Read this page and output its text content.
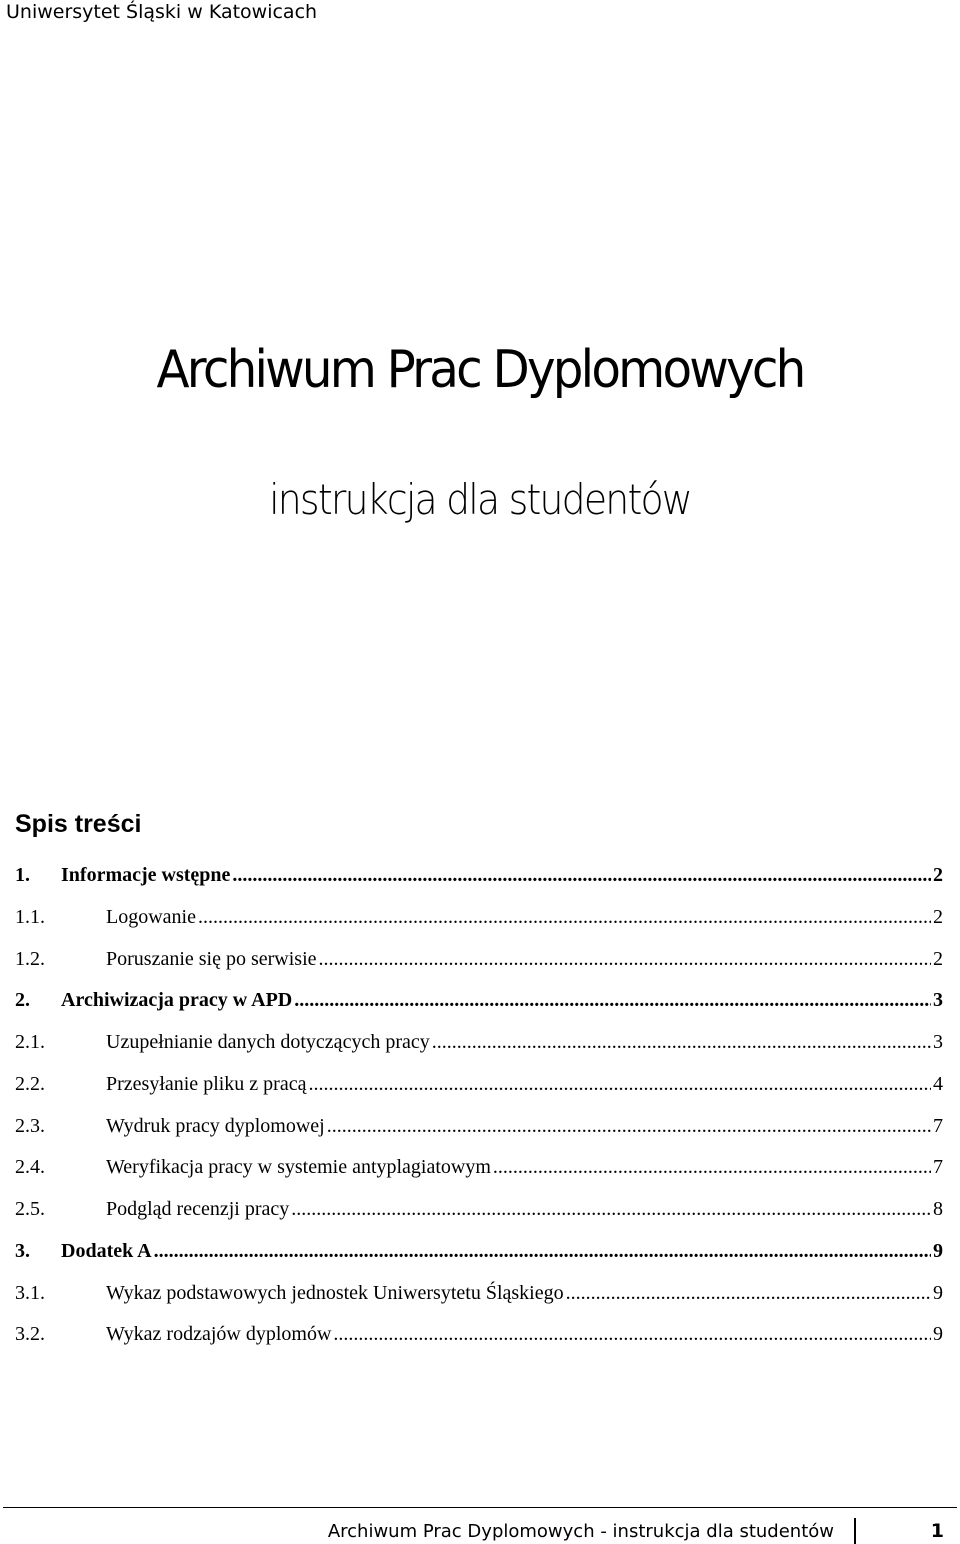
Uniwersytet Śląski w Katowicach
Archiwum Prac Dyplomowych
instrukcja dla studentów
Spis treści
1.	Informacje wstępne .....	2
1.1.	Logowanie .....	2
1.2.	Poruszanie się po serwisie .....	2
2.	Archiwizacja pracy w APD .....	3
2.1.	Uzupełnianie danych dotyczących pracy .....	3
2.2.	Przesyłanie pliku z pracą .....	4
2.3.	Wydruk pracy dyplomowej .....	7
2.4.	Weryfikacja pracy w systemie antyplagiatowym .....	7
2.5.	Podgląd recenzji pracy .....	8
3.	Dodatek A .....	9
3.1.	Wykaz podstawowych jednostek Uniwersytetu Śląskiego .....	9
3.2.	Wykaz rodzajów dyplomów .....	9
Archiwum Prac Dyplomowych - instrukcja dla studentów	1
